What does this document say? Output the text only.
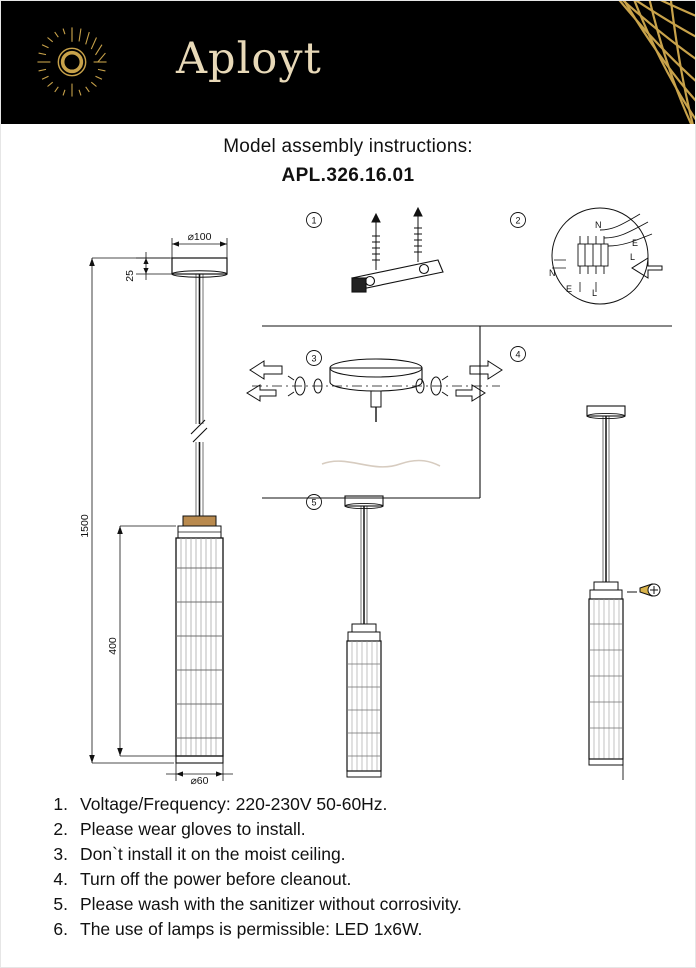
Aployt
Model assembly instructions:
APL.326.16.01
⌀100
25
1500
400
⌀60
1	2	N
E
L
N
E L
3	4
5
1. Voltage/Frequency: 220-230V 50-60Hz.
2. Please wear gloves to install.
3. Don`t install it on the moist ceiling.
4. Turn off the power before cleanout.
5. Please wash with the sanitizer without corrosivity.
6. The use of lamps is permissible: LED 1x6W.
